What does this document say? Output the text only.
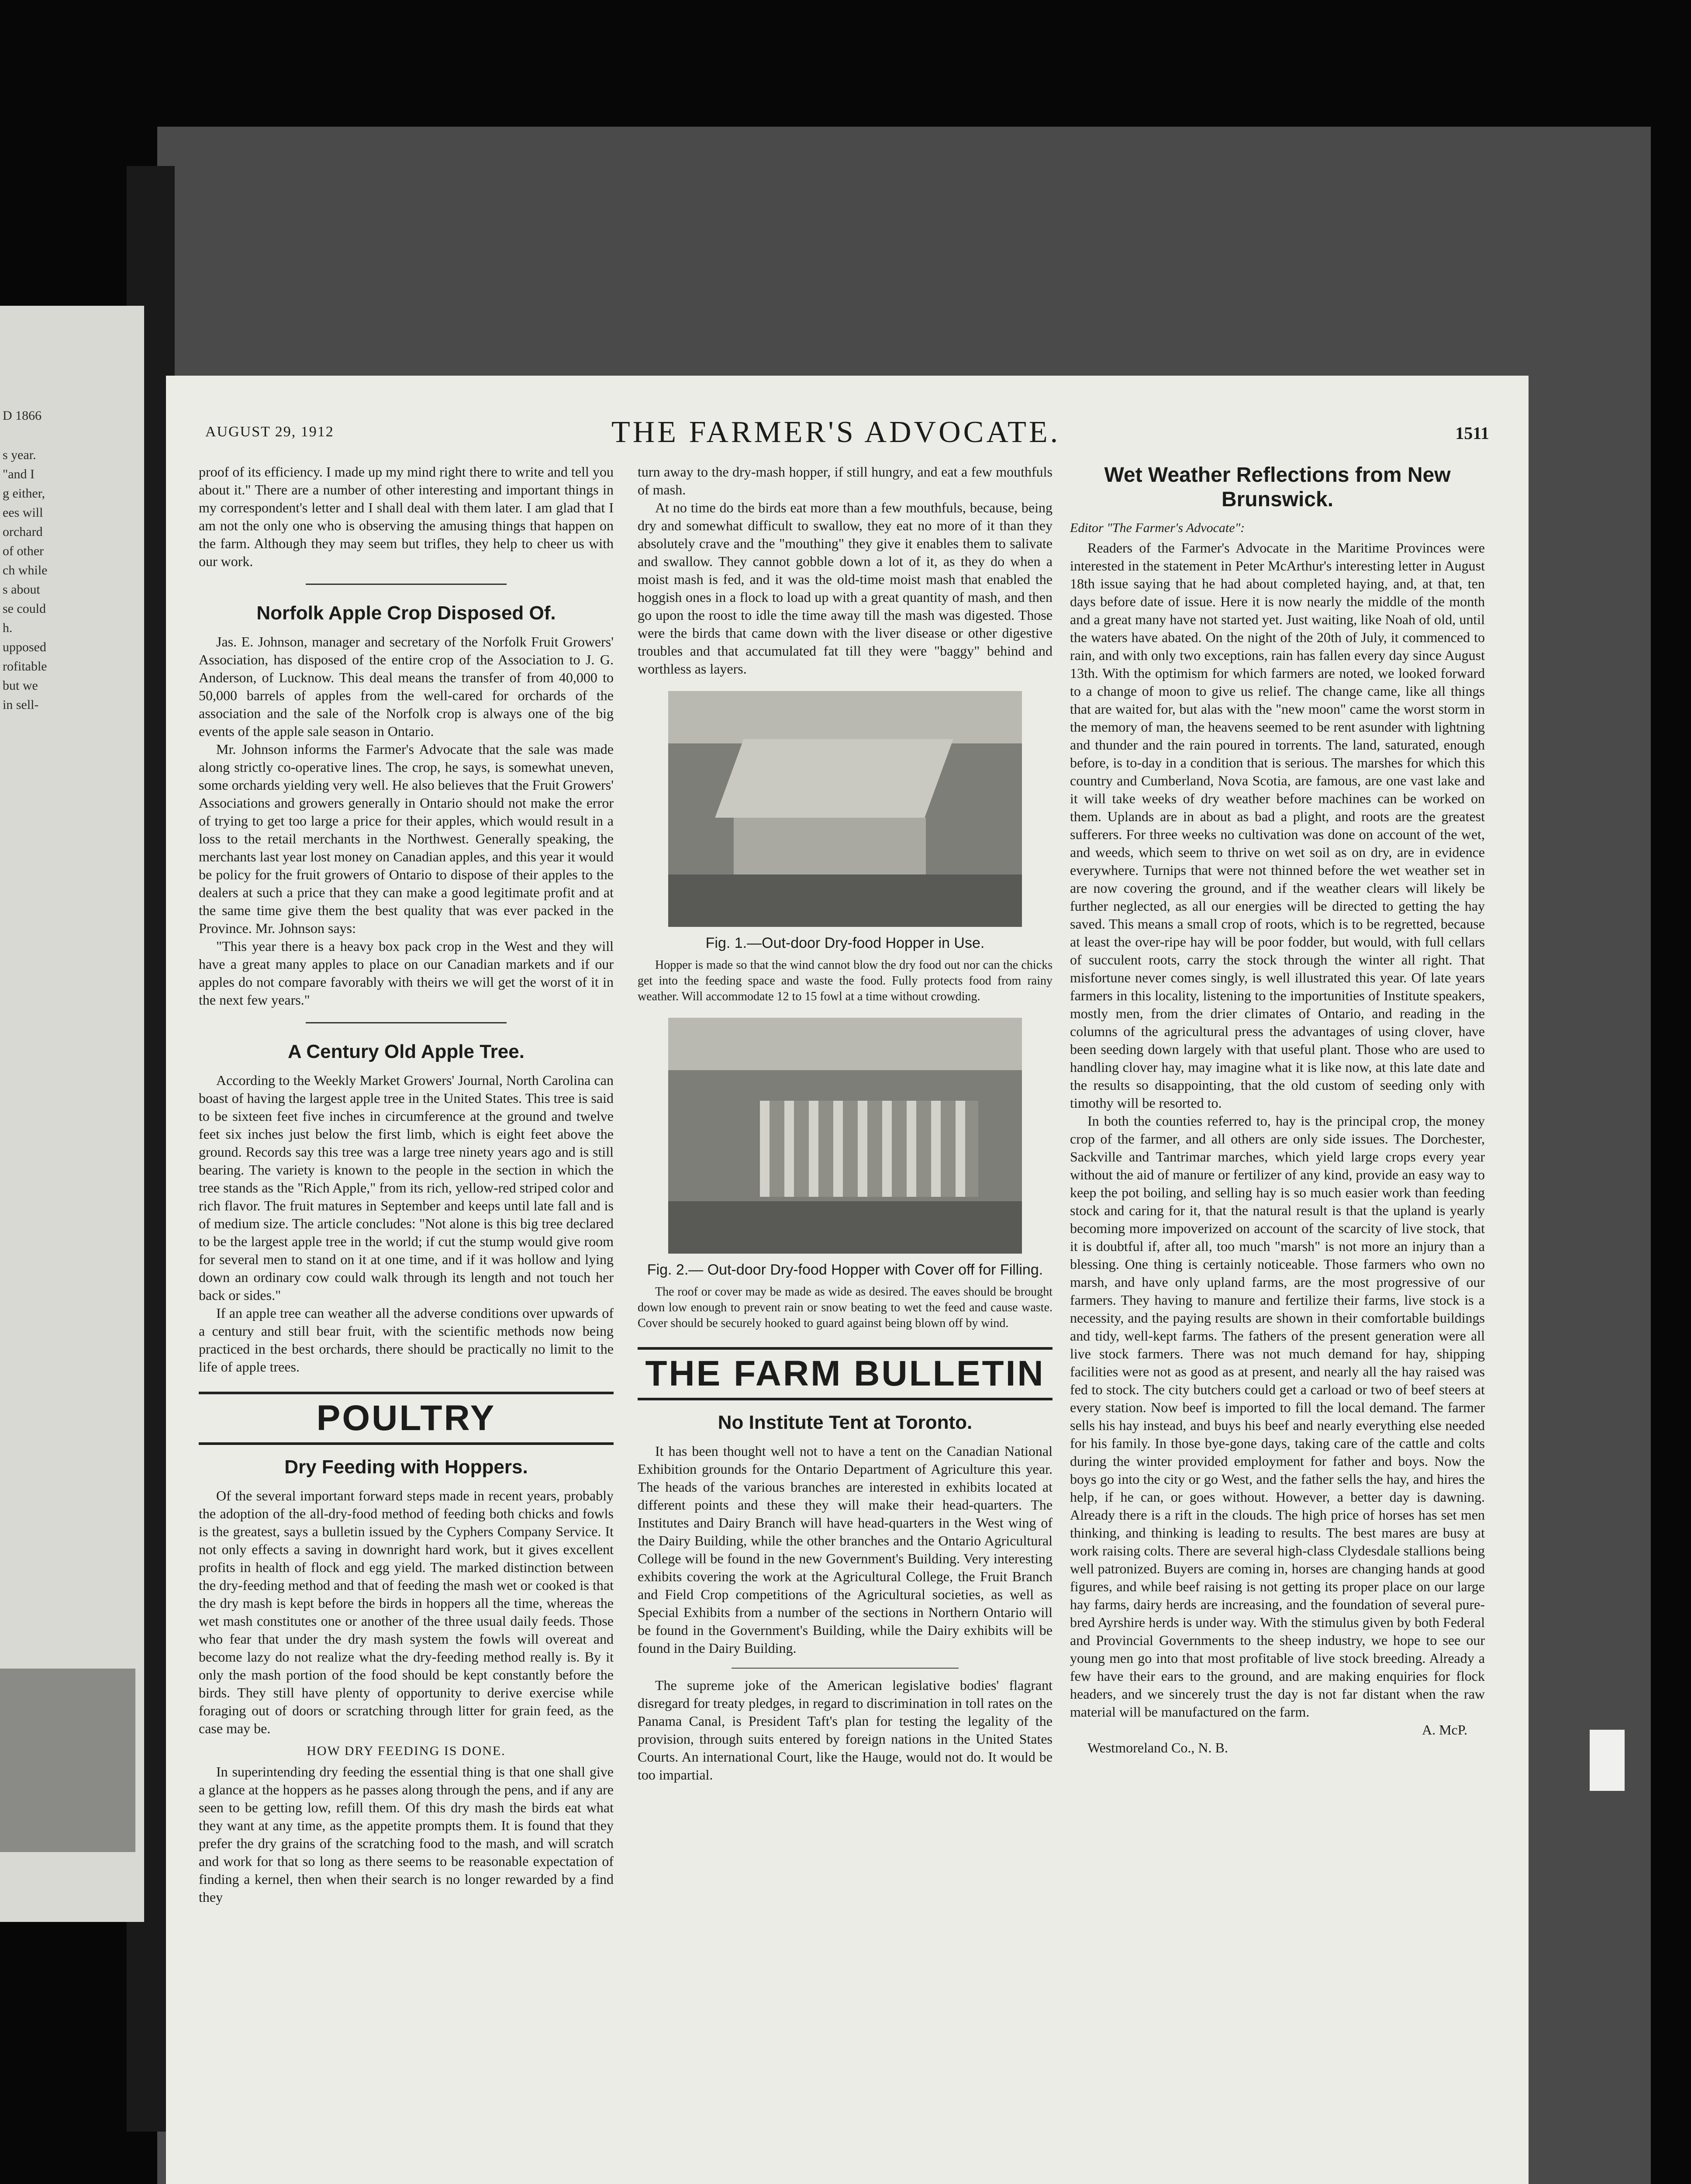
D 1866
s year.
"and I
g either,
ees will
orchard
of other
ch while
s about
se could
h.
upposed
rofitable
but we
in sell-
AUGUST 29, 1912	THE FARMER'S ADVOCATE.	1511

proof of its efficiency. I made up my mind right there to write and tell you about it." There are a number of other interesting and important things in my correspondent's letter and I shall deal with them later. I am glad that I am not the only one who is observing the amusing things that happen on the farm. Although they may seem but trifles, they help to cheer us with our work.

Norfolk Apple Crop Disposed Of.

Jas. E. Johnson, manager and secretary of the Norfolk Fruit Growers' Association, has disposed of the entire crop of the Association to J. G. Anderson, of Lucknow. This deal means the transfer of from 40,000 to 50,000 barrels of apples from the well-cared for orchards of the association and the sale of the Norfolk crop is always one of the big events of the apple sale season in Ontario.

Mr. Johnson informs the Farmer's Advocate that the sale was made along strictly co-operative lines. The crop, he says, is somewhat uneven, some orchards yielding very well. He also believes that the Fruit Growers' Associations and growers generally in Ontario should not make the error of trying to get too large a price for their apples, which would result in a loss to the retail merchants in the Northwest. Generally speaking, the merchants last year lost money on Canadian apples, and this year it would be policy for the fruit growers of Ontario to dispose of their apples to the dealers at such a price that they can make a good legitimate profit and at the same time give them the best quality that was ever packed in the Province. Mr. Johnson says:

"This year there is a heavy box pack crop in the West and they will have a great many apples to place on our Canadian markets and if our apples do not compare favorably with theirs we will get the worst of it in the next few years."

A Century Old Apple Tree.

According to the Weekly Market Growers' Journal, North Carolina can boast of having the largest apple tree in the United States. This tree is said to be sixteen feet five inches in circumference at the ground and twelve feet six inches just below the first limb, which is eight feet above the ground. Records say this tree was a large tree ninety years ago and is still bearing. The variety is known to the people in the section in which the tree stands as the "Rich Apple," from its rich, yellow-red striped color and rich flavor. The fruit matures in September and keeps until late fall and is of medium size. The article concludes: "Not alone is this big tree declared to be the largest apple tree in the world; if cut the stump would give room for several men to stand on it at one time, and if it was hollow and lying down an ordinary cow could walk through its length and not touch her back or sides."

If an apple tree can weather all the adverse conditions over upwards of a century and still bear fruit, with the scientific methods now being practiced in the best orchards, there should be practically no limit to the life of apple trees.

POULTRY
Dry Feeding with Hoppers.

Of the several important forward steps made in recent years, probably the adoption of the all-dry-food method of feeding both chicks and fowls is the greatest, says a bulletin issued by the Cyphers Company Service. It not only effects a saving in downright hard work, but it gives excellent profits in health of flock and egg yield. The marked distinction between the dry-feeding method and that of feeding the mash wet or cooked is that the dry mash is kept before the birds in hoppers all the time, whereas the wet mash constitutes one or another of the three usual daily feeds. Those who fear that under the dry mash system the fowls will overeat and become lazy do not realize what the dry-feeding method really is. By it only the mash portion of the food should be kept constantly before the birds. They still have plenty of opportunity to derive exercise while foraging out of doors or scratching through litter for grain feed, as the case may be.

HOW DRY FEEDING IS DONE.

In superintending dry feeding the essential thing is that one shall give a glance at the hoppers as he passes along through the pens, and if any are seen to be getting low, refill them. Of this dry mash the birds eat what they want at any time, as the appetite prompts them. It is found that they prefer the dry grains of the scratching food to the mash, and will scratch and work for that so long as there seems to be reasonable expectation of finding a kernel, then when their search is no longer rewarded by a find they

turn away to the dry-mash hopper, if still hungry, and eat a few mouthfuls of mash.

At no time do the birds eat more than a few mouthfuls, because, being dry and somewhat difficult to swallow, they eat no more of it than they absolutely crave and the "mouthing" they give it enables them to salivate and swallow. They cannot gobble down a lot of it, as they do when a moist mash is fed, and it was the old-time moist mash that enabled the hoggish ones in a flock to load up with a great quantity of mash, and then go upon the roost to idle the time away till the mash was digested. Those were the birds that came down with the liver disease or other digestive troubles and that accumulated fat till they were "baggy" behind and worthless as layers.

Fig. 1.—Out-door Dry-food Hopper in Use.

Hopper is made so that the wind cannot blow the dry food out nor can the chicks get into the feeding space and waste the food. Fully protects food from rainy weather. Will accommodate 12 to 15 fowl at a time without crowding.

Fig. 2.— Out-door Dry-food Hopper with Cover off for Filling.

The roof or cover may be made as wide as desired. The eaves should be brought down low enough to prevent rain or snow beating to wet the feed and cause waste. Cover should be securely hooked to guard against being blown off by wind.

THE FARM BULLETIN
No Institute Tent at Toronto.

It has been thought well not to have a tent on the Canadian National Exhibition grounds for the Ontario Department of Agriculture this year. The heads of the various branches are interested in exhibits located at different points and these they will make their head-quarters. The Institutes and Dairy Branch will have head-quarters in the West wing of the Dairy Building, while the other branches and the Ontario Agricultural College will be found in the new Government's Building. Very interesting exhibits covering the work at the Agricultural College, the Fruit Branch and Field Crop competitions of the Agricultural societies, as well as Special Exhibits from a number of the sections in Northern Ontario will be found in the Government's Building, while the Dairy exhibits will be found in the Dairy Building.

The supreme joke of the American legislative bodies' flagrant disregard for treaty pledges, in regard to discrimination in toll rates on the Panama Canal, is President Taft's plan for testing the legality of the provision, through suits entered by foreign nations in the United States Courts. An international Court, like the Hauge, would not do. It would be too impartial.

Wet Weather Reflections from New Brunswick.
Editor "The Farmer's Advocate":

Readers of the Farmer's Advocate in the Maritime Provinces were interested in the statement in Peter McArthur's interesting letter in August 18th issue saying that he had about completed haying, and, at that, ten days before date of issue. Here it is now nearly the middle of the month and a great many have not started yet. Just waiting, like Noah of old, until the waters have abated. On the night of the 20th of July, it commenced to rain, and with only two exceptions, rain has fallen every day since August 13th. With the optimism for which farmers are noted, we looked forward to a change of moon to give us relief. The change came, like all things that are waited for, but alas with the "new moon" came the worst storm in the memory of man, the heavens seemed to be rent asunder with lightning and thunder and the rain poured in torrents. The land, saturated, enough before, is to-day in a condition that is serious. The marshes for which this country and Cumberland, Nova Scotia, are famous, are one vast lake and it will take weeks of dry weather before machines can be worked on them. Uplands are in about as bad a plight, and roots are the greatest sufferers. For three weeks no cultivation was done on account of the wet, and weeds, which seem to thrive on wet soil as on dry, are in evidence everywhere. Turnips that were not thinned before the wet weather set in are now covering the ground, and if the weather clears will likely be further neglected, as all our energies will be directed to getting the hay saved. This means a small crop of roots, which is to be regretted, because at least the over-ripe hay will be poor fodder, but would, with full cellars of succulent roots, carry the stock through the winter all right. That misfortune never comes singly, is well illustrated this year. Of late years farmers in this locality, listening to the importunities of Institute speakers, mostly men, from the drier climates of Ontario, and reading in the columns of the agricultural press the advantages of using clover, have been seeding down largely with that useful plant. Those who are used to handling clover hay, may imagine what it is like now, at this late date and the results so disappointing, that the old custom of seeding only with timothy will be resorted to.

In both the counties referred to, hay is the principal crop, the money crop of the farmer, and all others are only side issues. The Dorchester, Sackville and Tantrimar marches, which yield large crops every year without the aid of manure or fertilizer of any kind, provide an easy way to keep the pot boiling, and selling hay is so much easier work than feeding stock and caring for it, that the natural result is that the upland is yearly becoming more impoverized on account of the scarcity of live stock, that it is doubtful if, after all, too much "marsh" is not more an injury than a blessing. One thing is certainly noticeable. Those farmers who own no marsh, and have only upland farms, are the most progressive of our farmers. They having to manure and fertilize their farms, live stock is a necessity, and the paying results are shown in their comfortable buildings and tidy, well-kept farms. The fathers of the present generation were all live stock farmers. There was not much demand for hay, shipping facilities were not as good as at present, and nearly all the hay raised was fed to stock. The city butchers could get a carload or two of beef steers at every station. Now beef is imported to fill the local demand. The farmer sells his hay instead, and buys his beef and nearly everything else needed for his family. In those bye-gone days, taking care of the cattle and colts during the winter provided employment for father and boys. Now the boys go into the city or go West, and the father sells the hay, and hires the help, if he can, or goes without. However, a better day is dawning. Already there is a rift in the clouds. The high price of horses has set men thinking, and thinking is leading to results. The best mares are busy at work raising colts. There are several high-class Clydesdale stallions being well patronized. Buyers are coming in, horses are changing hands at good figures, and while beef raising is not getting its proper place on our large hay farms, dairy herds are increasing, and the foundation of several pure-bred Ayrshire herds is under way. With the stimulus given by both Federal and Provincial Governments to the sheep industry, we hope to see our young men go into that most profitable of live stock breeding. Already a few have their ears to the ground, and are making enquiries for flock headers, and we sincerely trust the day is not far distant when the raw material will be manufactured on the farm.

A. McP.
Westmoreland Co., N. B.
